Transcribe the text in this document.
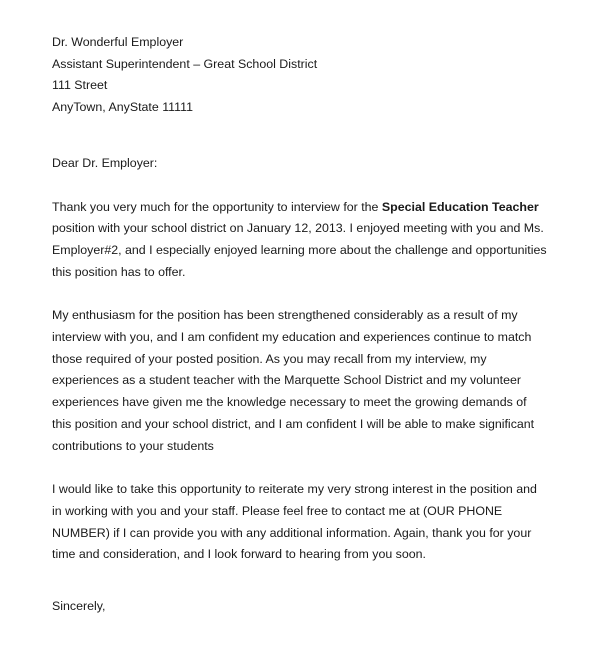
Dr. Wonderful Employer
Assistant Superintendent – Great School District
111 Street
AnyTown, AnyState 11111
Dear Dr. Employer:

Thank you very much for the opportunity to interview for the Special Education Teacher position with your school district on January 12, 2013. I enjoyed meeting with you and Ms. Employer#2, and I especially enjoyed learning more about the challenge and opportunities this position has to offer.

My enthusiasm for the position has been strengthened considerably as a result of my interview with you, and I am confident my education and experiences continue to match those required of your posted position. As you may recall from my interview, my experiences as a student teacher with the Marquette School District and my volunteer experiences have given me the knowledge necessary to meet the growing demands of this position and your school district, and I am confident I will be able to make significant contributions to your students

I would like to take this opportunity to reiterate my very strong interest in the position and in working with you and your staff. Please feel free to contact me at (OUR PHONE NUMBER) if I can provide you with any additional information. Again, thank you for your time and consideration, and I look forward to hearing from you soon.

Sincerely,
